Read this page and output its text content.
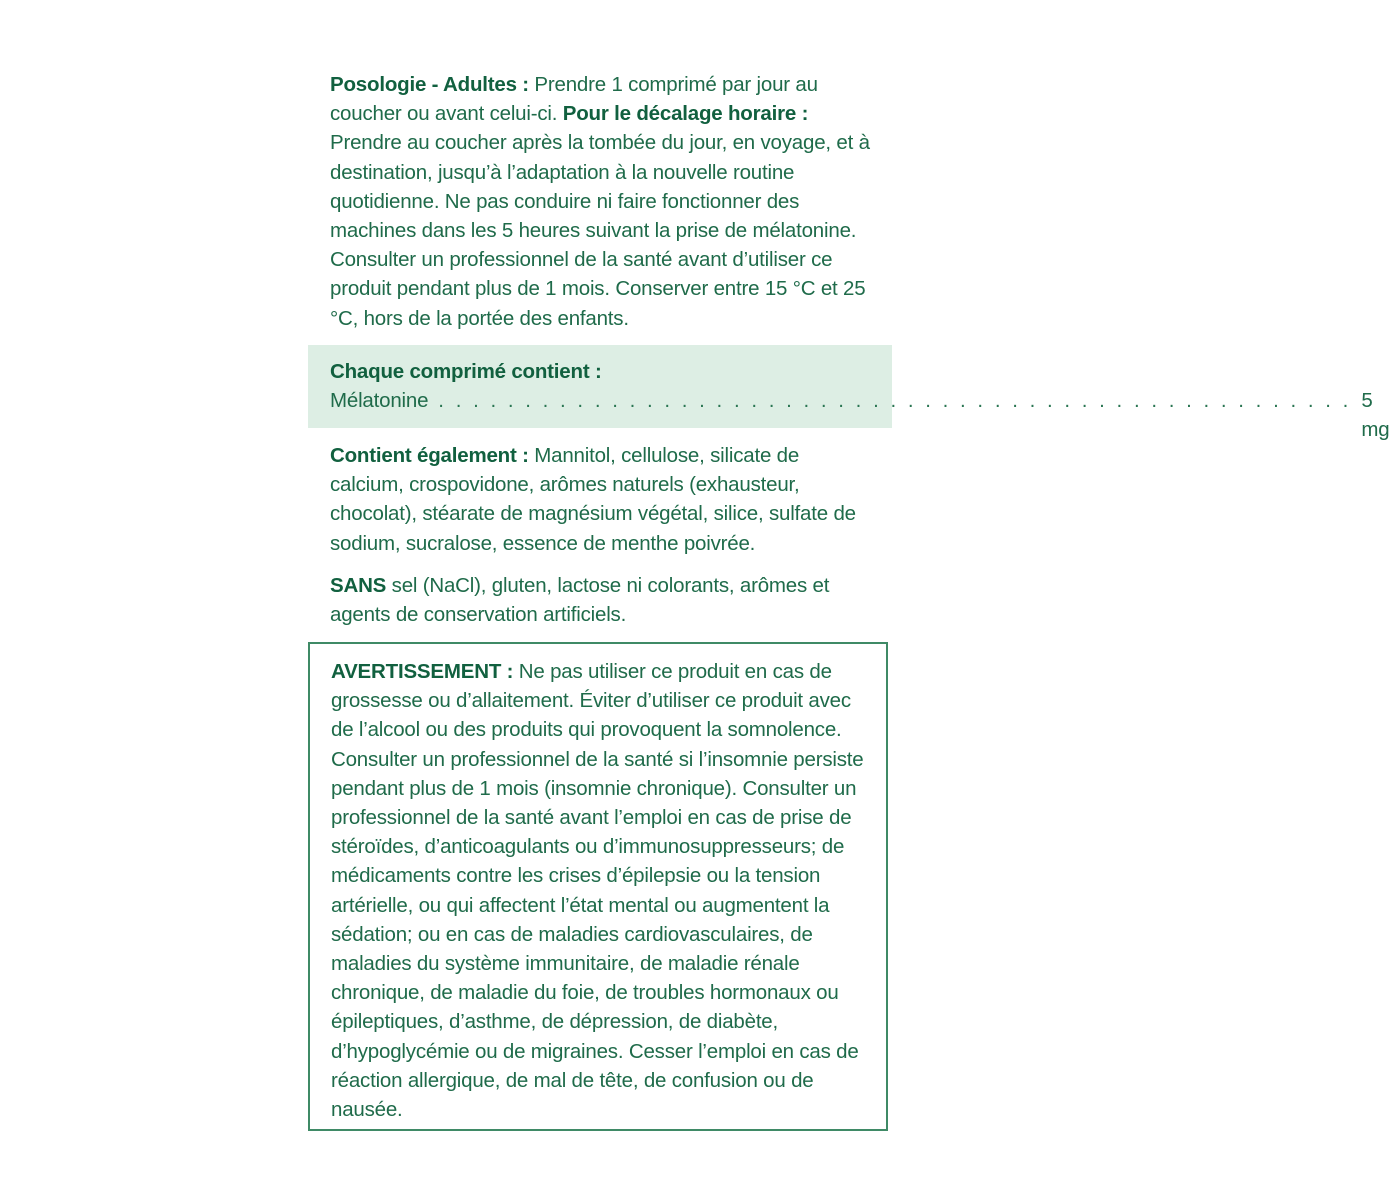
Posologie - Adultes : Prendre 1 comprimé par jour au coucher ou avant celui-ci. Pour le décalage horaire : Prendre au coucher après la tombée du jour, en voyage, et à destination, jusqu’à l’adaptation à la nouvelle routine quotidienne. Ne pas conduire ni faire fonctionner des machines dans les 5 heures suivant la prise de mélatonine. Consulter un professionnel de la santé avant d’utiliser ce produit pendant plus de 1 mois. Conserver entre 15 °C et 25 °C, hors de la portée des enfants.

Chaque comprimé contient :
Mélatonine . . . . . . . . . . . . . . . . . . . . . . . . . . . . . . . . . . . . . . . . . . . . . . . . . . . . . 5 mg

Contient également : Mannitol, cellulose, silicate de calcium, crospovidone, arômes naturels (exhausteur, chocolat), stéarate de magnésium végétal, silice, sulfate de sodium, sucralose, essence de menthe poivrée.

SANS sel (NaCl), gluten, lactose ni colorants, arômes et agents de conservation artificiels.

AVERTISSEMENT : Ne pas utiliser ce produit en cas de grossesse ou d’allaitement. Éviter d’utiliser ce produit avec de l’alcool ou des produits qui provoquent la somnolence. Consulter un professionnel de la santé si l’insomnie persiste pendant plus de 1 mois (insomnie chronique). Consulter un professionnel de la santé avant l’emploi en cas de prise de stéroïdes, d’anticoagulants ou d’immunosuppresseurs; de médicaments contre les crises d’épilepsie ou la tension artérielle, ou qui affectent l’état mental ou augmentent la sédation; ou en cas de maladies cardiovasculaires, de maladies du système immunitaire, de maladie rénale chronique, de maladie du foie, de troubles hormonaux ou épileptiques, d’asthme, de dépression, de diabète, d’hypoglycémie ou de migraines. Cesser l’emploi en cas de réaction allergique, de mal de tête, de confusion ou de nausée.
